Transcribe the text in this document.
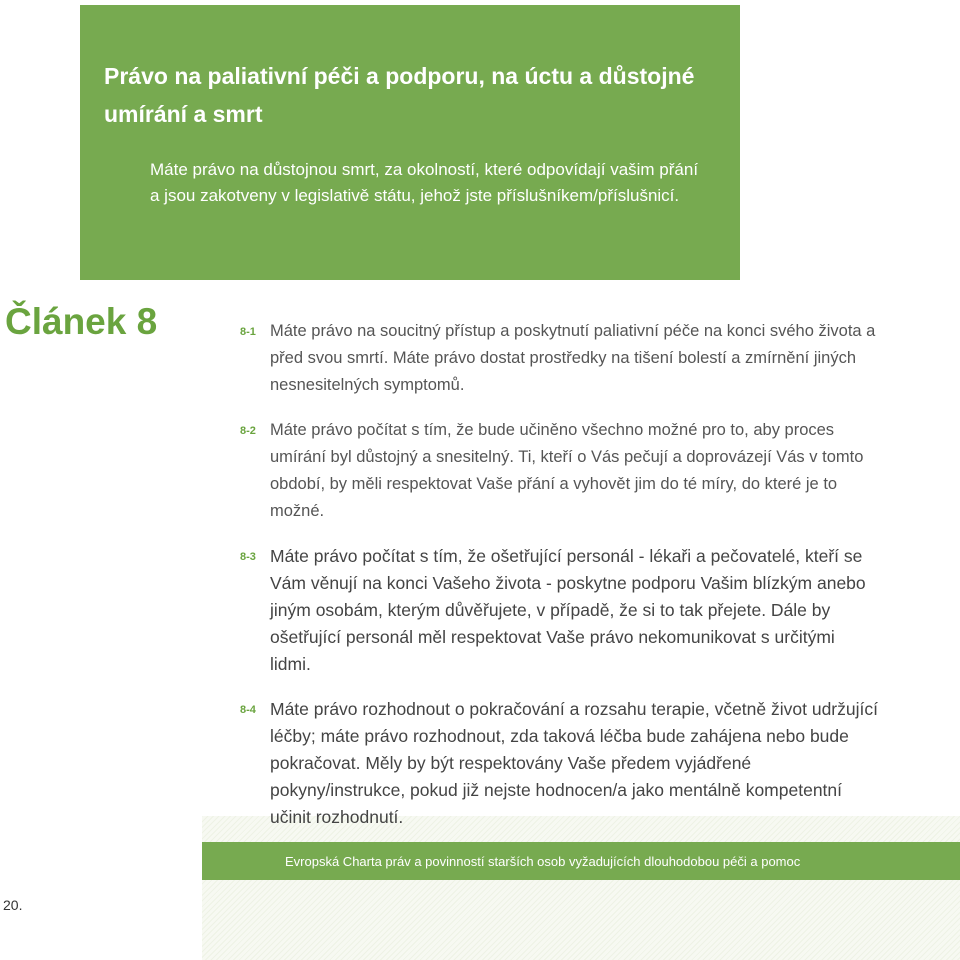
Právo na paliativní péči a podporu, na úctu a důstojné umírání a smrt

Máte právo na důstojnou smrt, za okolností, které odpovídají vašim přání a jsou zakotveny v legislativě státu, jehož jste příslušníkem/příslušnicí.

Článek 8	8-1 Máte právo na soucitný přístup a poskytnutí paliativní péče na konci svého života a před svou smrtí. Máte právo dostat prostředky na tišení bolestí a zmírnění jiných nesnesitelných symptomů.
8-2 Máte právo počítat s tím, že bude učiněno všechno možné pro to, aby proces umírání byl důstojný a snesitelný. Ti, kteří o Vás pečují a doprovázejí Vás v tomto období, by měli respektovat Vaše přání a vyhovět jim do té míry, do které je to možné.
8-3 Máte právo počítat s tím, že ošetřující personál - lékaři a pečovatelé, kteří se Vám věnují na konci Vašeho života - poskytne podporu Vašim blízkým anebo jiným osobám, kterým důvěřujete, v případě, že si to tak přejete. Dále by ošetřující personál měl respektovat Vaše právo nekomunikovat s určitými lidmi.
8-4 Máte právo rozhodnout o pokračování a rozsahu terapie, včetně život udržující léčby; máte právo rozhodnout, zda taková léčba bude zahájena nebo bude pokračovat. Měly by být respektovány Vaše předem vyjádřené pokyny/instrukce, pokud již nejste hodnocen/a jako mentálně kompetentní učinit rozhodnutí.

Evropská Charta práv a povinností starších osob vyžadujících dlouhodobou péči a pomoc

20.
